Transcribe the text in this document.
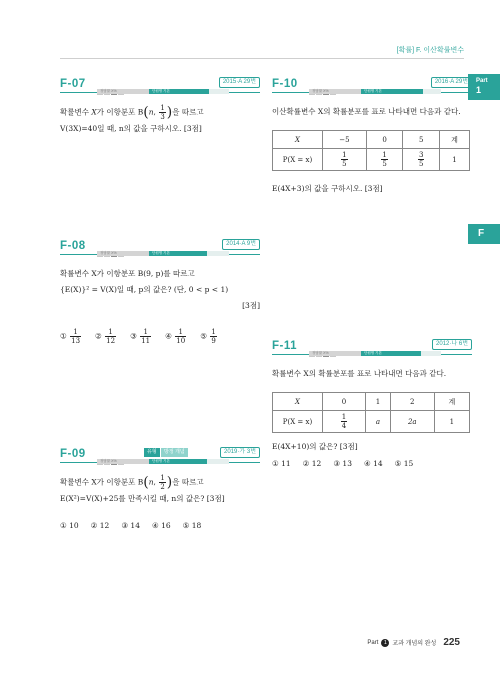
[확률] F. 이산확률변수
Part
1
F
F-07	2015·A 29번
정답률 X%	단원명 기본
확률변수 X가 이항분포 B(n, $\frac{1}{3}$ )을 따르고
V(3X)=40일 때, n의 값을 구하시오. [3점]
F-08	2014·A 9번
정답률 X%	단원명 기본
확률변수 X가 이항분포 B(9, p)를 따르고
{E(X)}² = V(X)일 때, p의 값은? (단, 0 < p < 1)
[3점]
① $\frac{1}{13}$ ② $\frac{1}{12}$ ③ $\frac{1}{11}$ ④ $\frac{1}{10}$ ⑤ $\frac{1}{9}$
F-09	유형	방정 개념	2019·가 3번
정답률 X%	단원명 기본
확률변수 X가 이항분포 B(n, $\frac{1}{2}$ )을 따르고
E(X²)=V(X)+25를 만족시킬 때, n의 값은? [3점]
① 10 ② 12 ③ 14 ④ 16 ⑤ 18
F-10	2016·A 29번
정답률 X%	단원명 기본
이산확률변수 X의 확률분포를 표로 나타내면 다음과 같다.
X	−5	0	5	계
P(X = x)	$\frac{1}{5}$	$\frac{1}{5}$	$\frac{3}{5}$	1
E(4X+3)의 값을 구하시오. [3점]
F-11	2012·나 6번
정답률 X%	단원명 기본
확률변수 X의 확률분포를 표로 나타내면 다음과 같다.
X	0	1	2	계
P(X = x)	$\frac{1}{4}$	a	2a	1
E(4X+10)의 값은? [3점]
① 11 ② 12 ③ 13 ④ 14 ⑤ 15
Part 1 교과 개념의 완성 225
